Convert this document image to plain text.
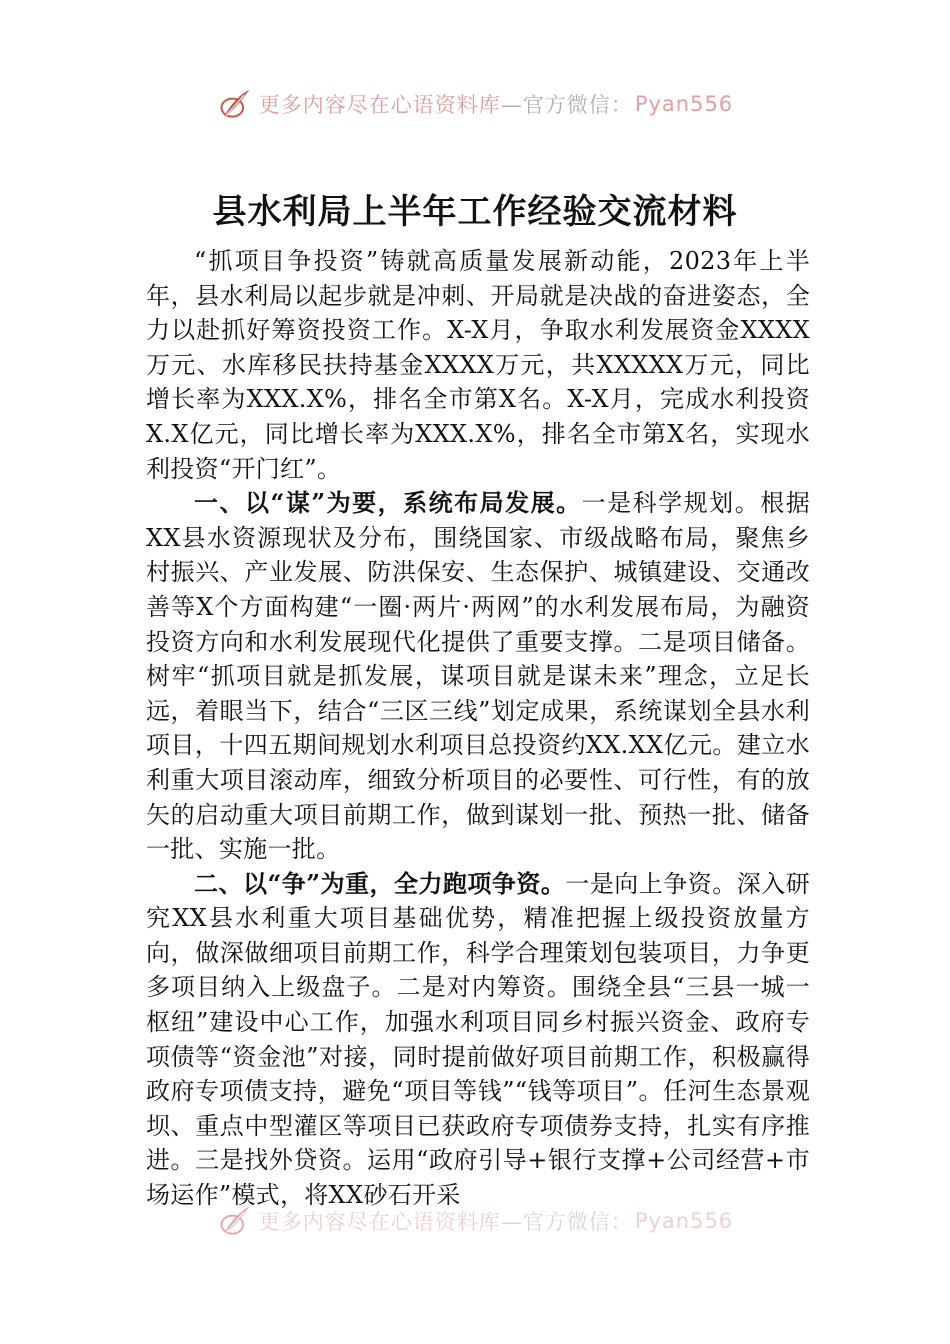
更多内容尽在心语资料库 —官方微信： Pyan556
县水利局上半年工作经验交流材料

“抓项目争投资”铸就高质量发展新动能，2023年上半年，县水利局以起步就是冲刺、开局就是决战的奋进姿态，全力以赴抓好筹资投资工作。X-X月，争取水利发展资金XXXX万元、水库移民扶持基金XXXX万元，共XXXXX万元，同比增长率为XXX.X%，排名全市第X名。X-X月，完成水利投资X.X亿元，同比增长率为XXX.X%，排名全市第X名，实现水利投资“开门红”。

一、以“谋”为要，系统布局发展。一是科学规划。根据XX县水资源现状及分布，围绕国家、市级战略布局，聚焦乡村振兴、产业发展、防洪保安、生态保护、城镇建设、交通改善等X个方面构建“一圈·两片·两网”的水利发展布局，为融资投资方向和水利发展现代化提供了重要支撑。二是项目储备。树牢“抓项目就是抓发展，谋项目就是谋未来”理念，立足长远，着眼当下，结合“三区三线”划定成果，系统谋划全县水利项目，十四五期间规划水利项目总投资约XX.XX亿元。建立水利重大项目滚动库，细致分析项目的必要性、可行性，有的放矢的启动重大项目前期工作，做到谋划一批、预热一批、储备一批、实施一批。

二、以“争”为重，全力跑项争资。一是向上争资。深入研究XX县水利重大项目基础优势，精准把握上级投资放量方向，做深做细项目前期工作，科学合理策划包装项目，力争更多项目纳入上级盘子。二是对内筹资。围绕全县“三县一城一枢纽”建设中心工作，加强水利项目同乡村振兴资金、政府专项债等“资金池”对接，同时提前做好项目前期工作，积极赢得政府专项债支持，避免“项目等钱”“钱等项目”。任河生态景观坝、重点中型灌区等项目已获政府专项债券支持，扎实有序推进。三是找外贷资。运用“政府引导+银行支撑+公司经营+市场运作”模式，将XX砂石开采

更多内容尽在心语资料库 —官方微信： Pyan556
